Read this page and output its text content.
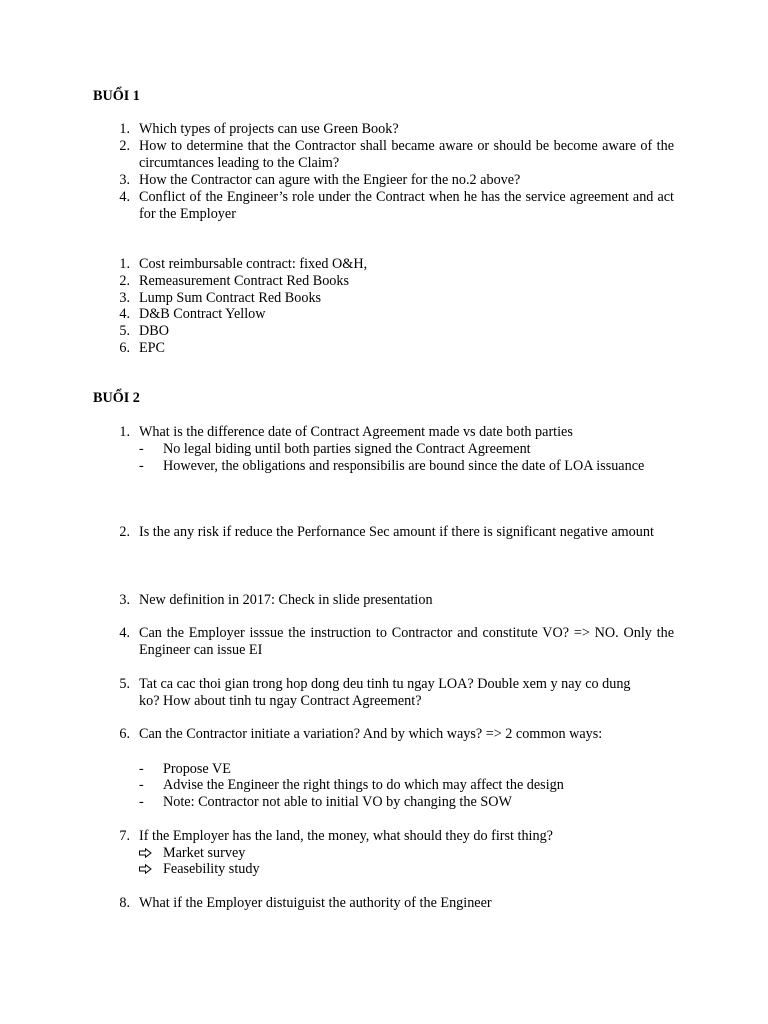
BUỔI 1
1. Which types of projects can use Green Book?
2. How to determine that the Contractor shall became aware or should be become aware of the circumtances leading to the Claim?
3. How the Contractor can agure with the Engieer for the no.2 above?
4. Conflict of the Engineer’s role under the Contract when he has the service agreement and act for the Employer
1. Cost reimbursable contract: fixed O&H,
2. Remeasurement Contract Red Books
3. Lump Sum Contract Red Books
4. D&B Contract Yellow
5. DBO
6. EPC
BUỔI 2
1. What is the difference date of Contract Agreement made vs date both parties
-	No legal biding until both parties signed the Contract Agreement
-	However, the obligations and responsibilis are bound since the date of LOA issuance
2. Is the any risk if reduce the Perfornance Sec amount if there is significant negative amount
3. New definition in 2017: Check in slide presentation
4. Can the Employer isssue the instruction to Contractor and constitute VO? => NO. Only the Engineer can issue EI
5. Tat ca cac thoi gian trong hop dong deu tinh tu ngay LOA? Double xem y nay co dung ko? How about tinh tu ngay Contract Agreement?
6. Can the Contractor initiate a variation? And by which ways? => 2 common ways:
-	Propose VE
-	Advise the Engineer the right things to do which may affect the design
-	Note: Contractor not able to initial VO by changing the SOW
7. If the Employer has the land, the money, what should they do first thing?
Market survey
Feasebility study
8. What if the Employer distuiguist the authority of the Engineer
